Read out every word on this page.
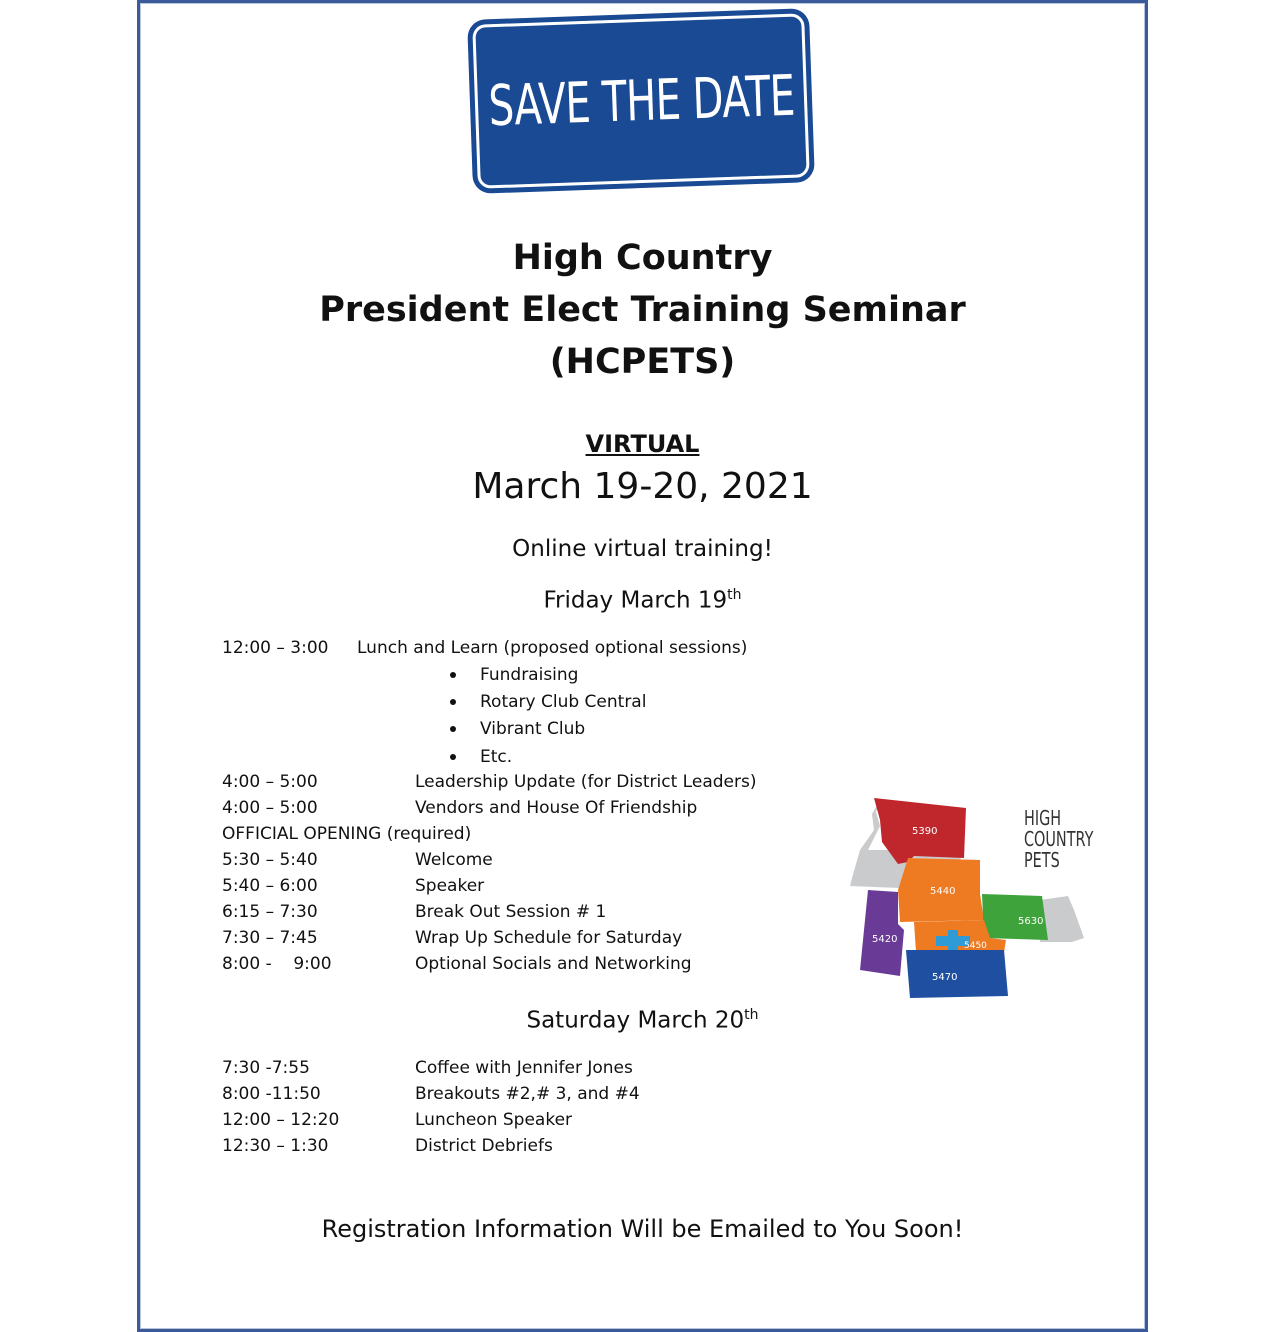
SAVE THE DATE
High Country
President Elect Training Seminar
(HCPETS)
VIRTUAL
March 19-20, 2021
Online virtual training!
Friday March 19th
12:00 – 3:00 Lunch and Learn (proposed optional sessions)
Fundraising
Rotary Club Central
Vibrant Club
Etc.
4:00 – 5:00	Leadership Update (for District Leaders)
4:00 – 5:00	Vendors and House Of Friendship
OFFICIAL OPENING (required)
5:30 – 5:40	Welcome
5:40 – 6:00	Speaker
6:15 – 7:30	Break Out Session # 1
7:30 – 7:45	Wrap Up Schedule for Saturday
8:00 -    9:00	Optional Socials and Networking
5390
5440
5630
5420
5450
5470
HIGH
COUNTRY
PETS
Saturday March 20th
7:30 -7:55	Coffee with Jennifer Jones
8:00 -11:50	Breakouts #2,# 3, and #4
12:00 – 12:20	Luncheon Speaker
12:30 – 1:30	District Debriefs
Registration Information Will be Emailed to You Soon!
